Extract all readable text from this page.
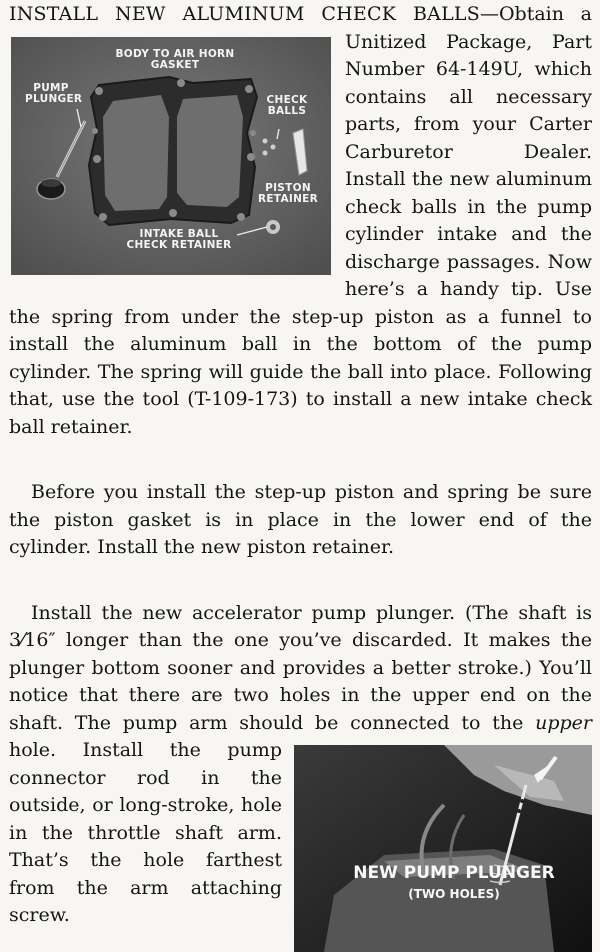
INSTALL NEW ALUMINUM CHECK BALLS—
BODY TO AIR HORN GASKET
PUMP PLUNGER	CHECK BALLS
PISTON RETAINER
INTAKE BALL CHECK RETAINER
Obtain a Unitized Package, Part Number 64-149U, which contains all necessary parts, from your Carter Carburetor Dealer. Install the new aluminum check balls in the pump cylinder intake and the discharge passages. Now here’s a handy tip. Use the spring from under the step-up piston as a funnel to install the aluminum ball in the bottom of the pump cylinder. The spring will guide the ball into place. Following that, use the tool (T-109-173) to install a new intake check ball retainer.

Before you install the step-up piston and spring be sure the piston gasket is in place in the lower end of the cylinder. Install the new piston retainer.

Install the new accelerator pump plunger. (The shaft is 3⁄16″ longer than the one you’ve discarded. It makes the plunger bottom sooner and provides a better stroke.) You’ll notice that there are two holes in the upper end on the shaft. The pump arm should be connected to the
NEW PUMP PLUNGER
(TWO HOLES)
upper hole. Install the pump connector rod in the outside, or long-stroke, hole in the throttle shaft arm. That’s the hole farthest from the arm attaching screw.
